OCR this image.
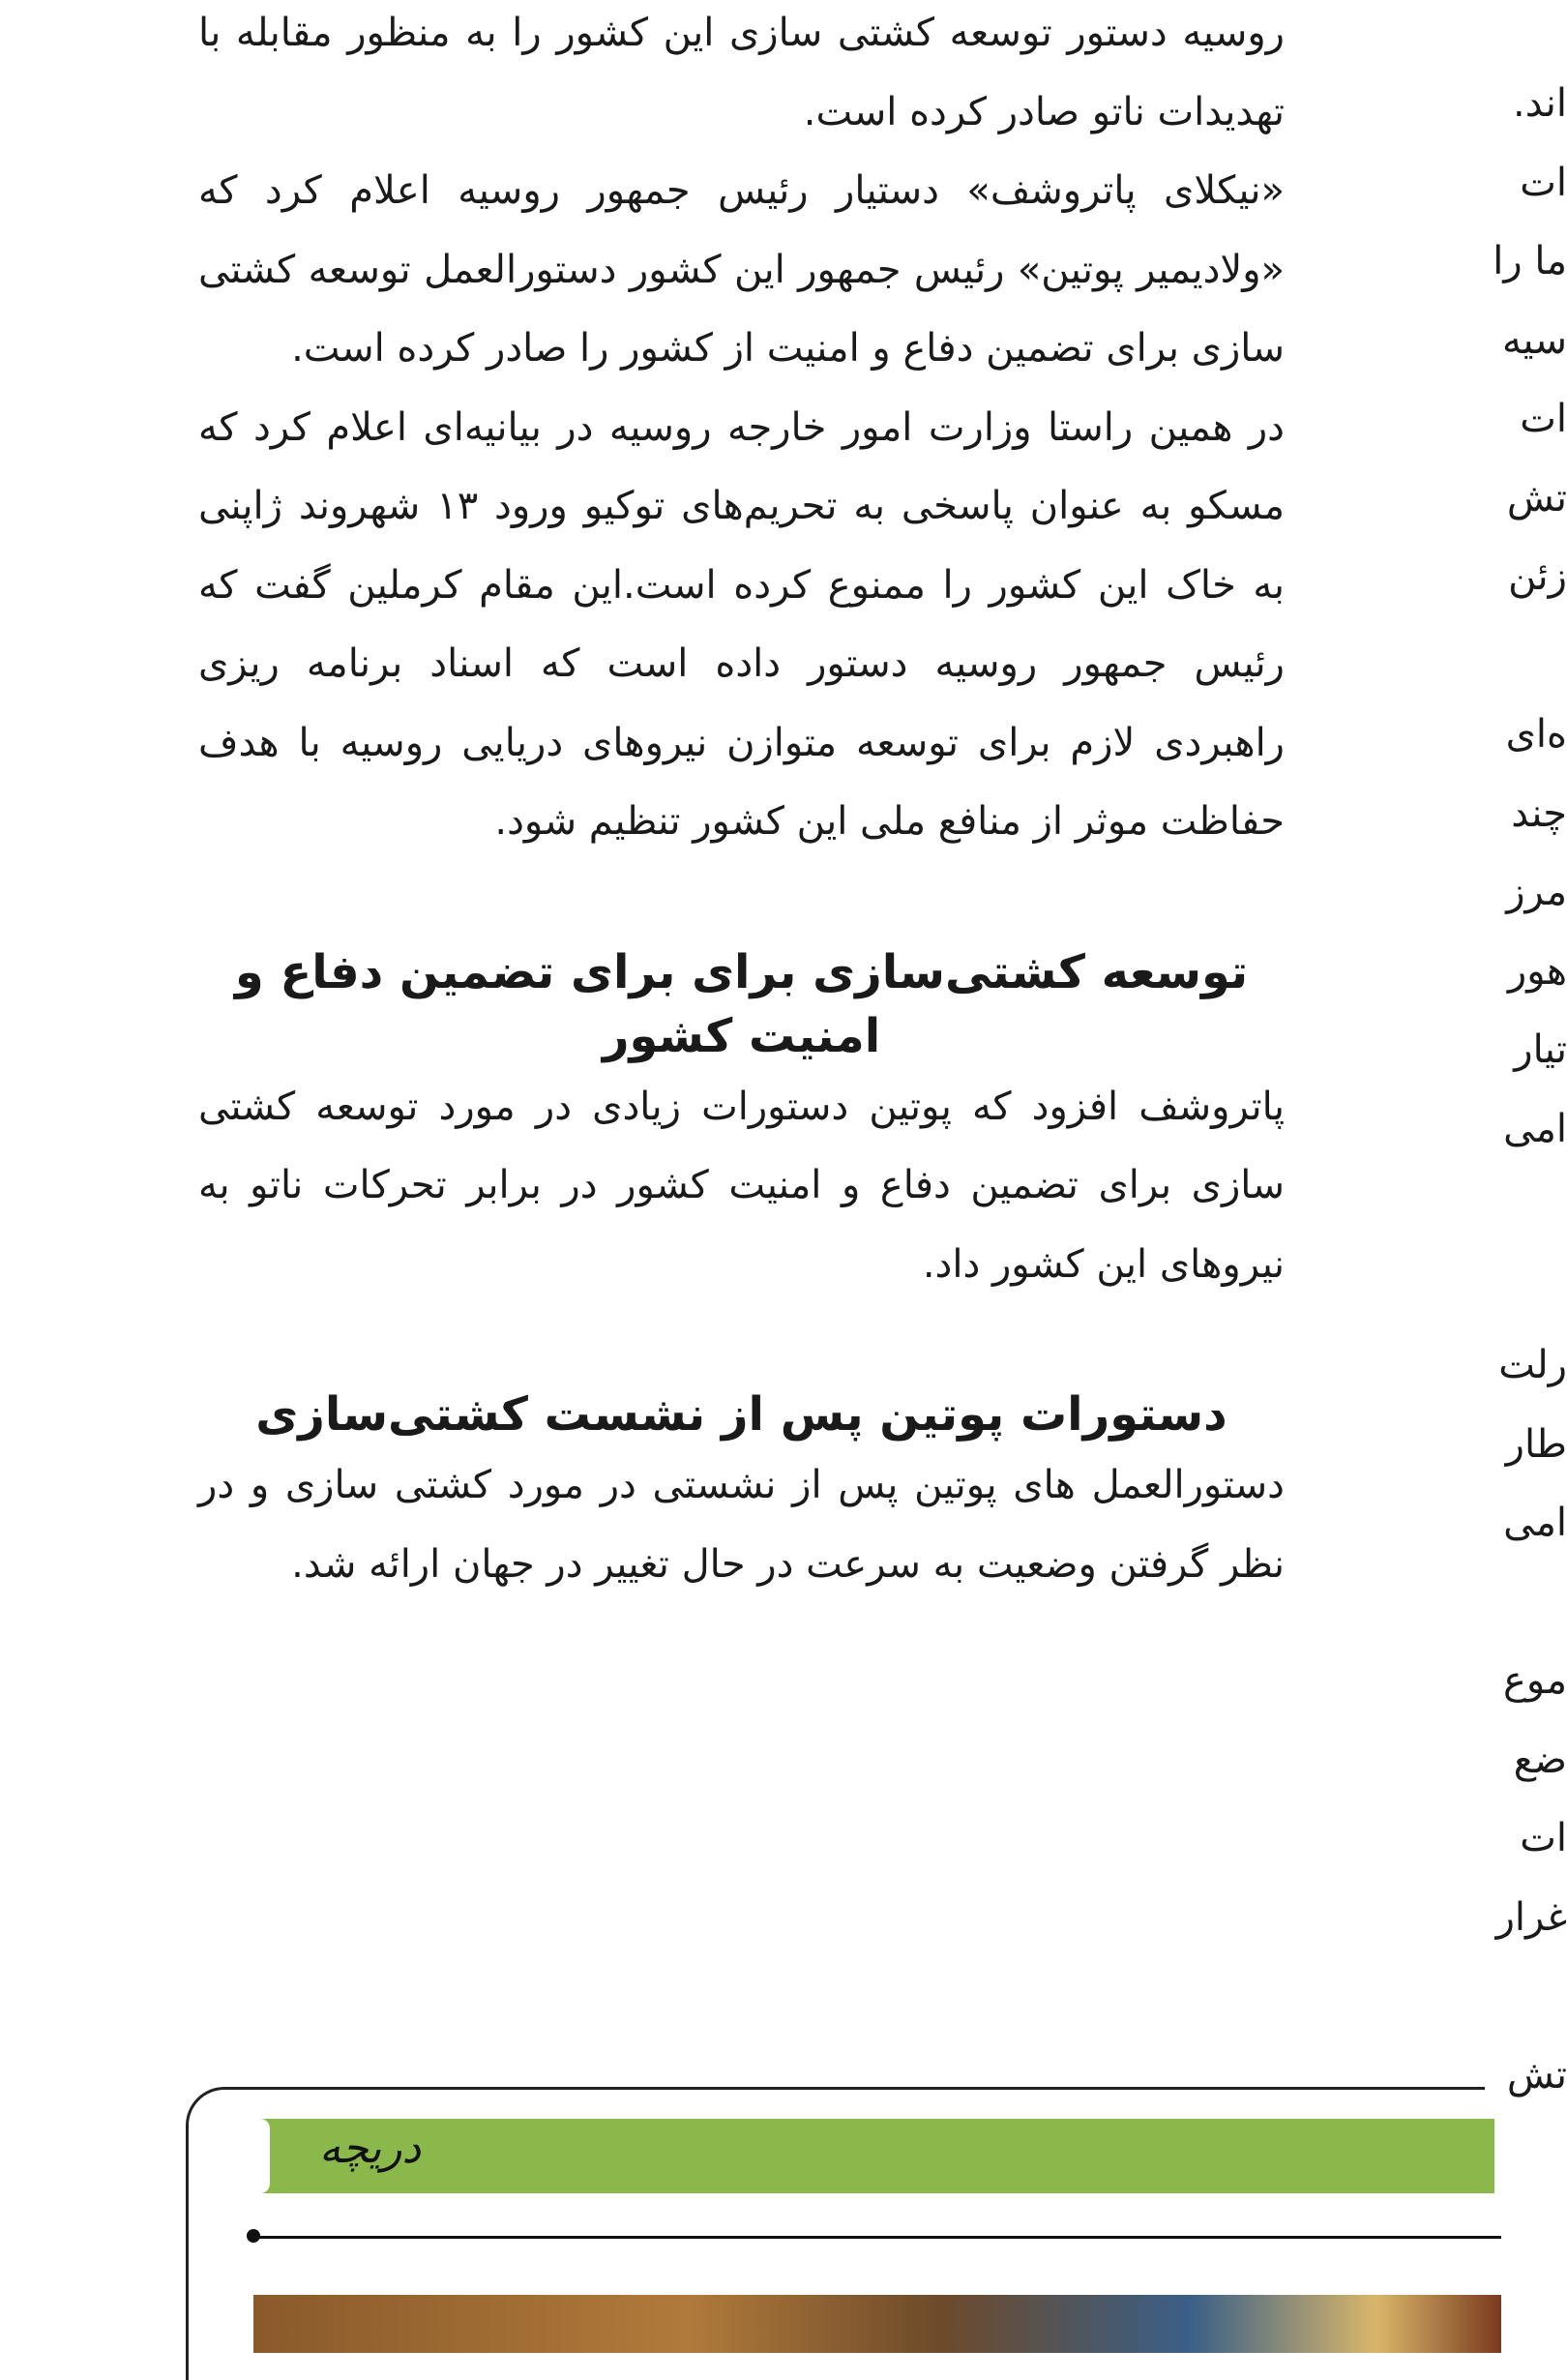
روسیه دستور توسعه کشتی سازی این کشور را به منظور مقابله با تهدیدات ناتو صادر کرده است.

«نیکلای پاتروشف» دستیار رئیس جمهور روسیه اعلام کرد که «ولادیمیر پوتین» رئیس جمهور این کشور دستورالعمل توسعه کشتی سازی برای تضمین دفاع و امنیت از کشور را صادر کرده است.

در همین راستا وزارت امور خارجه روسیه در بیانیه‌ای اعلام کرد که مسکو به عنوان پاسخی به تحریم‌های توکیو ورود ۱۳ شهروند ژاپنی به خاک این کشور را ممنوع کرده است.این مقام کرملین گفت که رئیس جمهور روسیه دستور داده است که اسناد برنامه ریزی راهبردی لازم برای توسعه متوازن نیروهای دریایی روسیه با هدف حفاظت موثر از منافع ملی این کشور تنظیم شود.

توسعه کشتی‌سازی برای برای تضمین دفاع و امنیت کشور

پاتروشف افزود که پوتین دستورات زیادی در مورد توسعه کشتی سازی برای تضمین دفاع و امنیت کشور در برابر تحرکات ناتو به نیروهای این کشور داد.

دستورات پوتین پس از نشست کشتی‌سازی

دستورالعمل های پوتین پس از نشستی در مورد کشتی سازی و در نظر گرفتن وضعیت به سرعت در حال تغییر در جهان ارائه شد.

اند.
ات
ما را
سیه
ات
تش
زئن
ه‌ای
چند
مرز
هور
تیار
امی
رلت
طار
امی
موع
ضع
ات
غرار
تش
دریچه
